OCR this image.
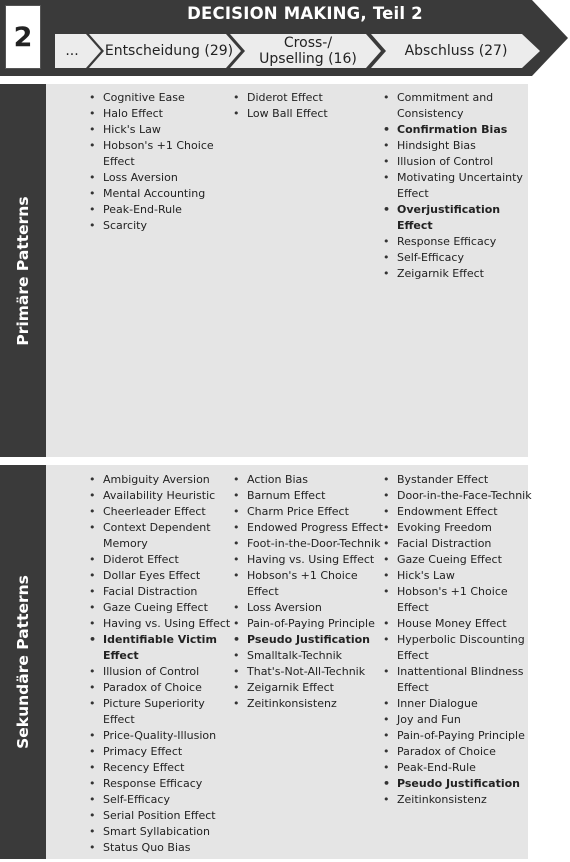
2
DECISION MAKING, Teil 2
...	Entscheidung (29)	Cross-/
Upselling (16)	Abschluss (27)
Primäre Patterns
• Cognitive Ease
• Halo Effect
• Hick's Law
• Hobson's +1 Choice Effect
• Loss Aversion
• Mental Accounting
• Peak-End-Rule
• Scarcity
• Diderot Effect
• Low Ball Effect
• Commitment and Consistency
• Confirmation Bias
• Hindsight Bias
• Illusion of Control
• Motivating Uncertainty Effect
• Overjustification Effect
• Response Efficacy
• Self-Efficacy
• Zeigarnik Effect
Sekundäre Patterns
• Ambiguity Aversion
• Availability Heuristic
• Cheerleader Effect
• Context Dependent Memory
• Diderot Effect
• Dollar Eyes Effect
• Facial Distraction
• Gaze Cueing Effect
• Having vs. Using Effect
• Identifiable Victim Effect
• Illusion of Control
• Paradox of Choice
• Picture Superiority Effect
• Price-Quality-Illusion
• Primacy Effect
• Recency Effect
• Response Efficacy
• Self-Efficacy
• Serial Position Effect
• Smart Syllabication
• Status Quo Bias
• Action Bias
• Barnum Effect
• Charm Price Effect
• Endowed Progress Effect
• Foot-in-the-Door-Technik
• Having vs. Using Effect
• Hobson's +1 Choice Effect
• Loss Aversion
• Pain-of-Paying Principle
• Pseudo Justification
• Smalltalk-Technik
• That's-Not-All-Technik
• Zeigarnik Effect
• Zeitinkonsistenz
• Bystander Effect
• Door-in-the-Face-Technik
• Endowment Effect
• Evoking Freedom
• Facial Distraction
• Gaze Cueing Effect
• Hick's Law
• Hobson's +1 Choice Effect
• House Money Effect
• Hyperbolic Discounting Effect
• Inattentional Blindness Effect
• Inner Dialogue
• Joy and Fun
• Pain-of-Paying Principle
• Paradox of Choice
• Peak-End-Rule
• Pseudo Justification
• Zeitinkonsistenz
